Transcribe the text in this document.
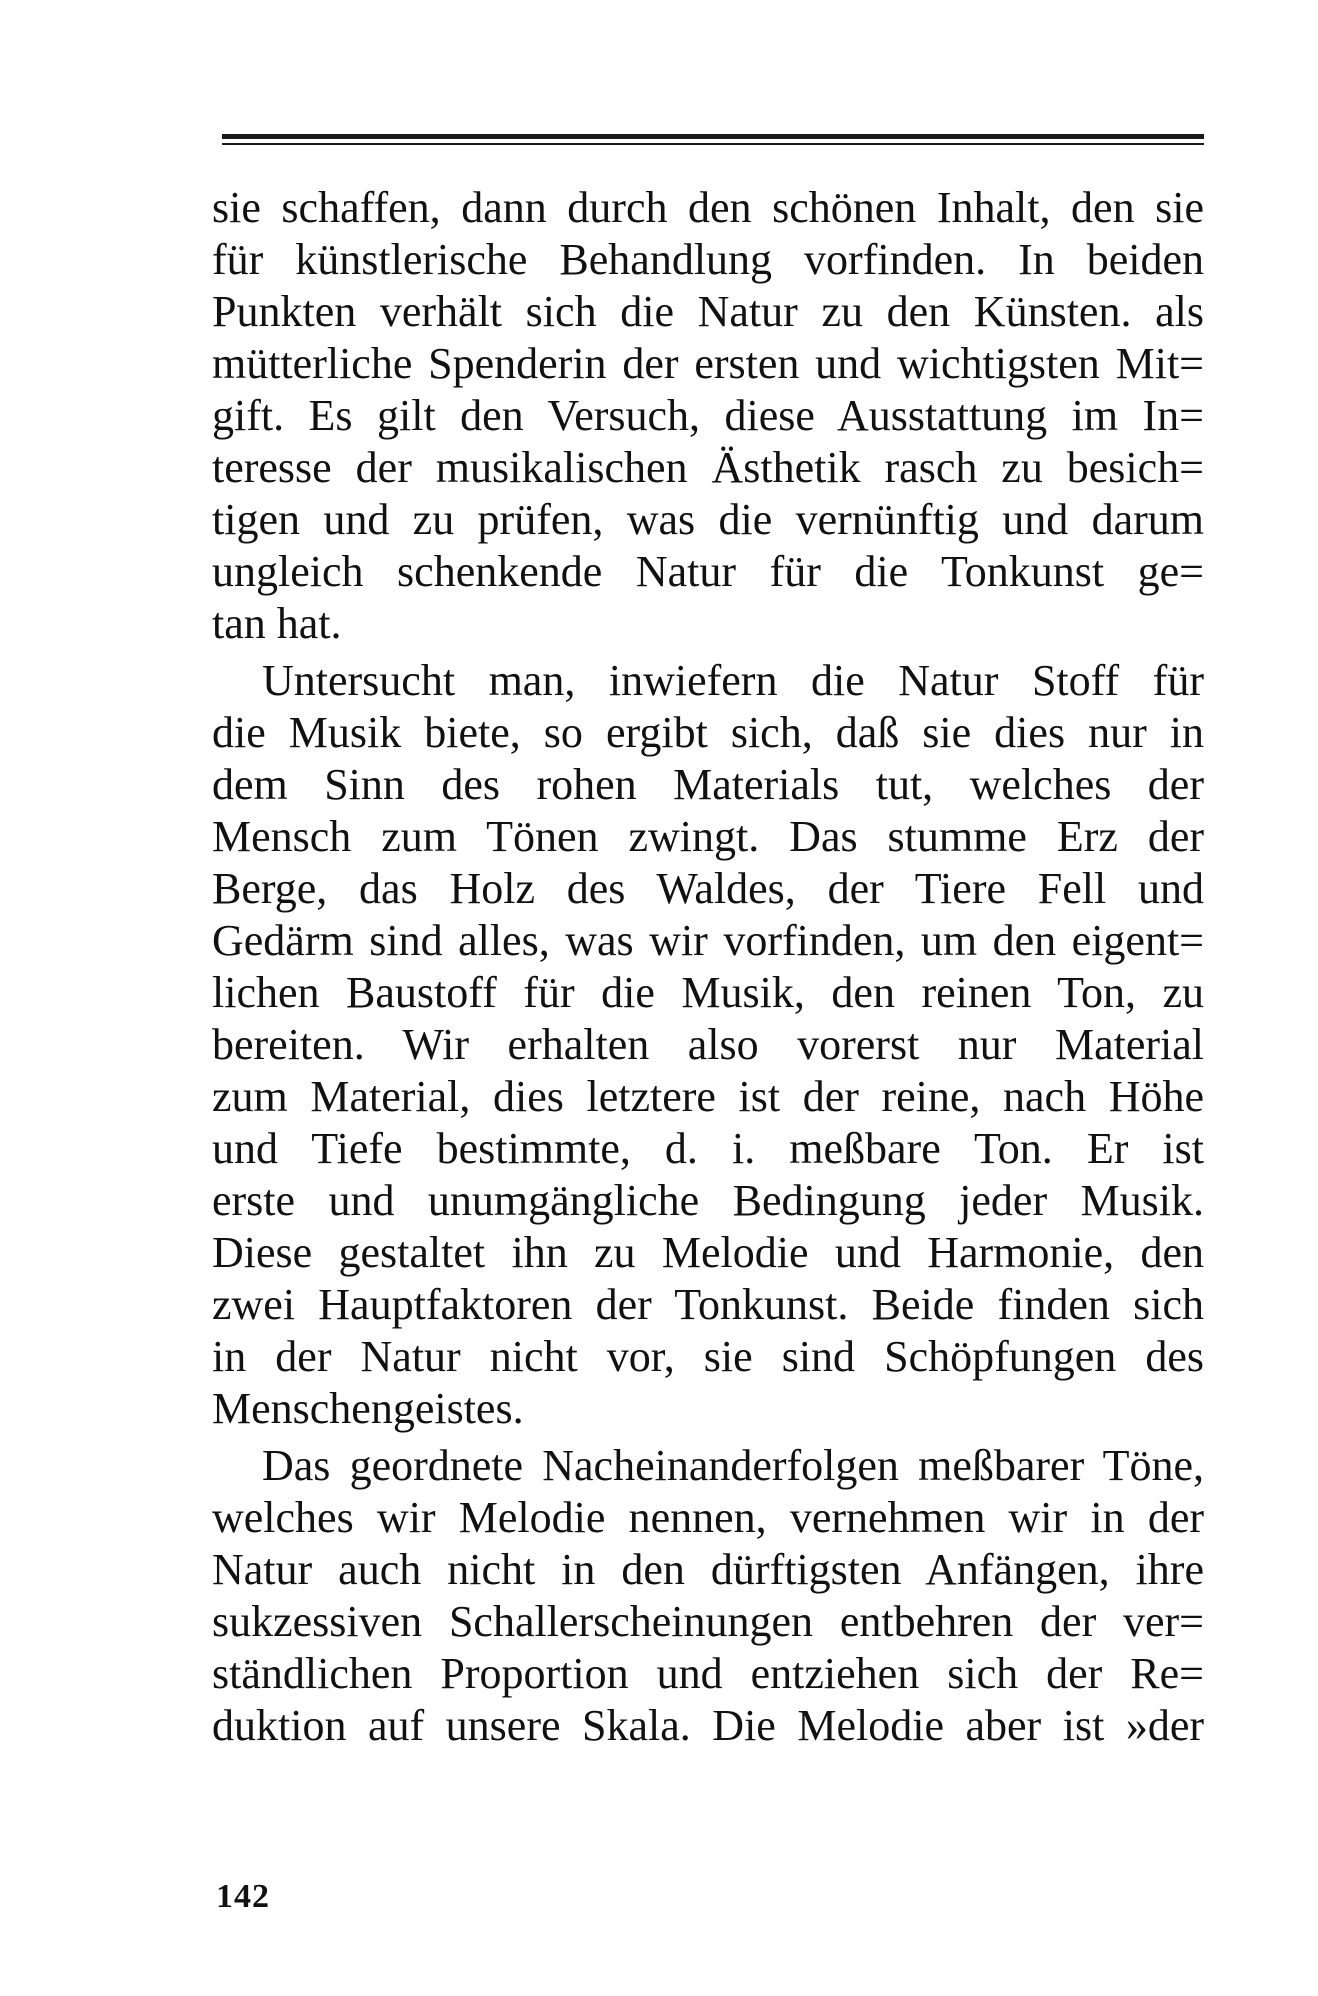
sie schaffen, dann durch den schönen Inhalt, den sie
für künstlerische Behandlung vorfinden. In beiden
Punkten verhält sich die Natur zu den Künsten. als
mütterliche Spenderin der ersten und wichtigsten Mit=
gift. Es gilt den Versuch, diese Ausstattung im In=
teresse der musikalischen Ästhetik rasch zu besich=
tigen und zu prüfen, was die vernünftig und darum
ungleich schenkende Natur für die Tonkunst ge=
tan hat.
Untersucht man, inwiefern die Natur Stoff für
die Musik biete, so ergibt sich, daß sie dies nur in
dem Sinn des rohen Materials tut, welches der
Mensch zum Tönen zwingt. Das stumme Erz der
Berge, das Holz des Waldes, der Tiere Fell und
Gedärm sind alles, was wir vorfinden, um den eigent=
lichen Baustoff für die Musik, den reinen Ton, zu
bereiten. Wir erhalten also vorerst nur Material
zum Material, dies letztere ist der reine, nach Höhe
und Tiefe bestimmte, d. i. meßbare Ton. Er ist
erste und unumgängliche Bedingung jeder Musik.
Diese gestaltet ihn zu Melodie und Harmonie, den
zwei Hauptfaktoren der Tonkunst. Beide finden sich
in der Natur nicht vor, sie sind Schöpfungen des
Menschengeistes.
Das geordnete Nacheinanderfolgen meßbarer Töne,
welches wir Melodie nennen, vernehmen wir in der
Natur auch nicht in den dürftigsten Anfängen, ihre
sukzessiven Schallerscheinungen entbehren der ver=
ständlichen Proportion und entziehen sich der Re=
duktion auf unsere Skala. Die Melodie aber ist »der
142
